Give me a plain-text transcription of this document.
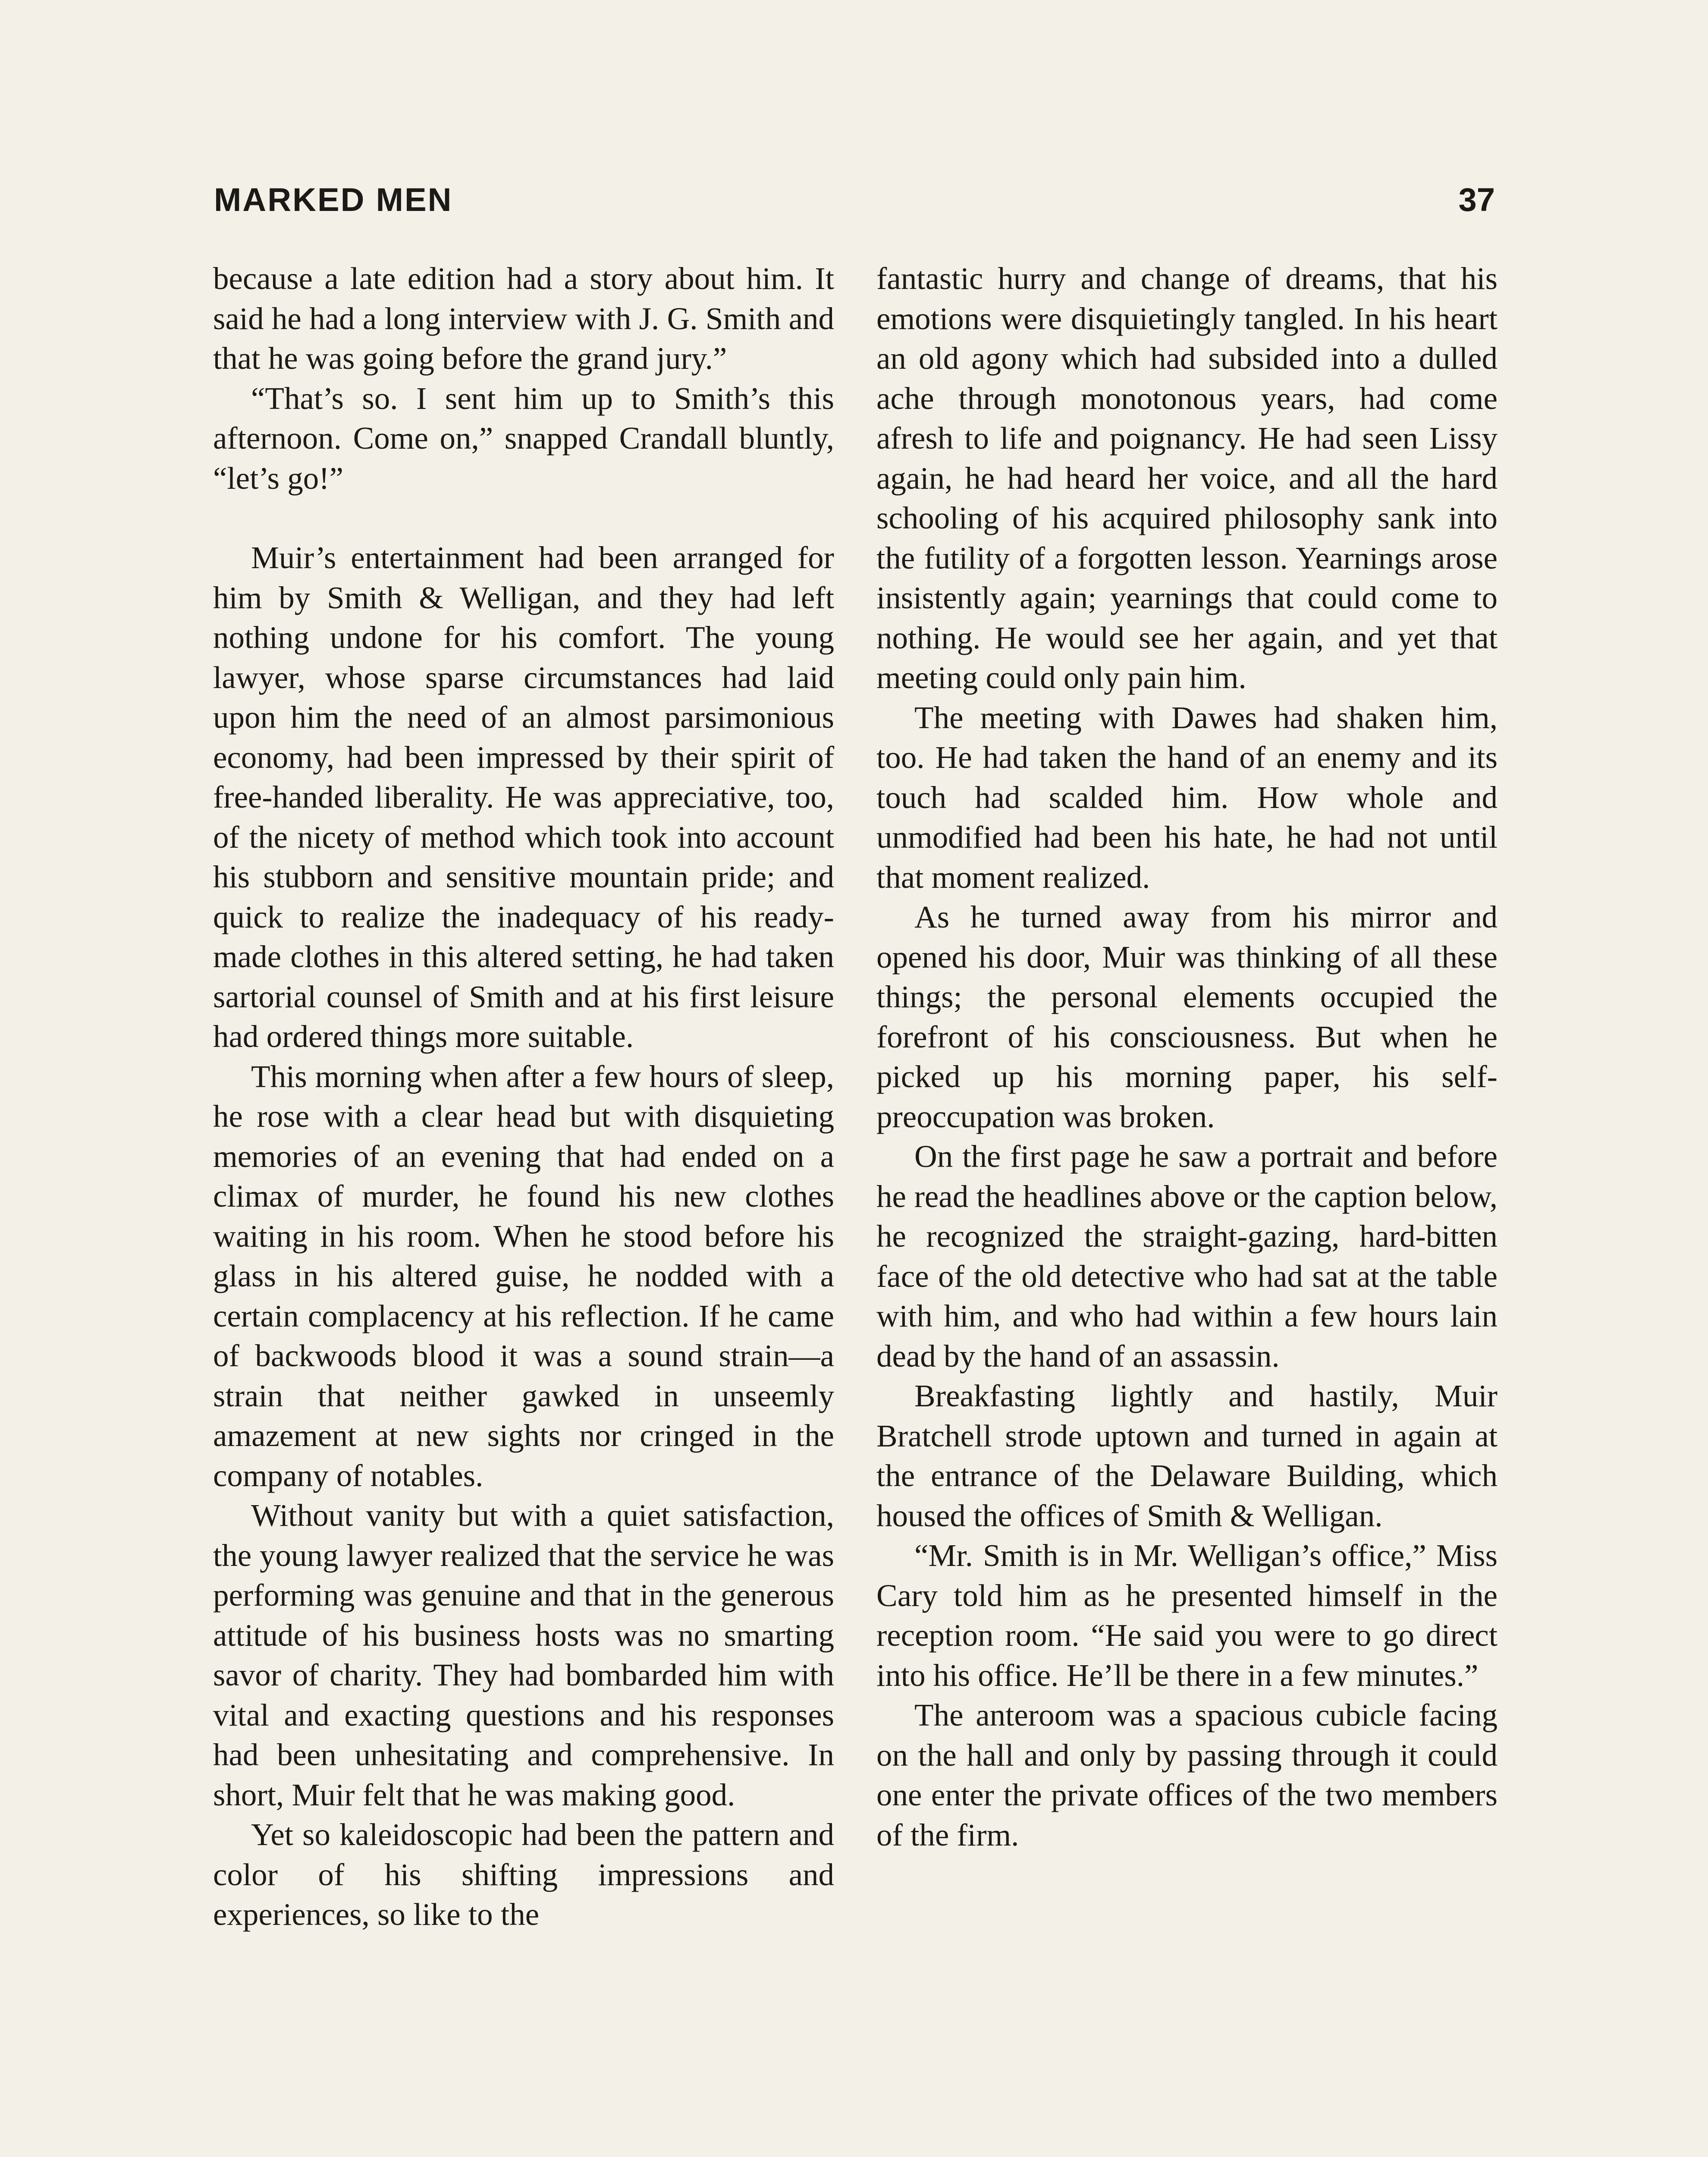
MARKED MEN	37

because a late edition had a story about him. It said he had a long interview with J. G. Smith and that he was going before the grand jury.”

“That’s so. I sent him up to Smith’s this afternoon. Come on,” snapped Crandall bluntly, “let’s go!”

Muir’s entertainment had been arranged for him by Smith & Welligan, and they had left nothing undone for his comfort. The young lawyer, whose sparse circumstances had laid upon him the need of an almost parsimonious economy, had been impressed by their spirit of free-handed liberality. He was appreciative, too, of the nicety of method which took into account his stubborn and sensitive mountain pride; and quick to realize the inadequacy of his ready-made clothes in this altered setting, he had taken sartorial counsel of Smith and at his first leisure had ordered things more suitable.

This morning when after a few hours of sleep, he rose with a clear head but with disquieting memories of an evening that had ended on a climax of murder, he found his new clothes waiting in his room. When he stood before his glass in his altered guise, he nodded with a certain complacency at his reflection. If he came of backwoods blood it was a sound strain—a strain that neither gawked in unseemly amazement at new sights nor cringed in the company of notables.

Without vanity but with a quiet satisfaction, the young lawyer realized that the service he was performing was genuine and that in the generous attitude of his business hosts was no smarting savor of charity. They had bombarded him with vital and exacting questions and his responses had been unhesitating and comprehensive. In short, Muir felt that he was making good.

Yet so kaleidoscopic had been the pattern and color of his shifting impressions and experiences, so like to the

fantastic hurry and change of dreams, that his emotions were disquietingly tangled. In his heart an old agony which had subsided into a dulled ache through monotonous years, had come afresh to life and poignancy. He had seen Lissy again, he had heard her voice, and all the hard schooling of his acquired philosophy sank into the futility of a forgotten lesson. Yearnings arose insistently again; yearnings that could come to nothing. He would see her again, and yet that meeting could only pain him.

The meeting with Dawes had shaken him, too. He had taken the hand of an enemy and its touch had scalded him. How whole and unmodified had been his hate, he had not until that moment realized.

As he turned away from his mirror and opened his door, Muir was thinking of all these things; the personal elements occupied the forefront of his consciousness. But when he picked up his morning paper, his self-preoccupation was broken.

On the first page he saw a portrait and before he read the headlines above or the caption below, he recognized the straight-gazing, hard-bitten face of the old detective who had sat at the table with him, and who had within a few hours lain dead by the hand of an assassin.

Breakfasting lightly and hastily, Muir Bratchell strode uptown and turned in again at the entrance of the Delaware Building, which housed the offices of Smith & Welligan.

“Mr. Smith is in Mr. Welligan’s office,” Miss Cary told him as he presented himself in the reception room. “He said you were to go direct into his office. He’ll be there in a few minutes.”

The anteroom was a spacious cubicle facing on the hall and only by passing through it could one enter the private offices of the two members of the firm.
